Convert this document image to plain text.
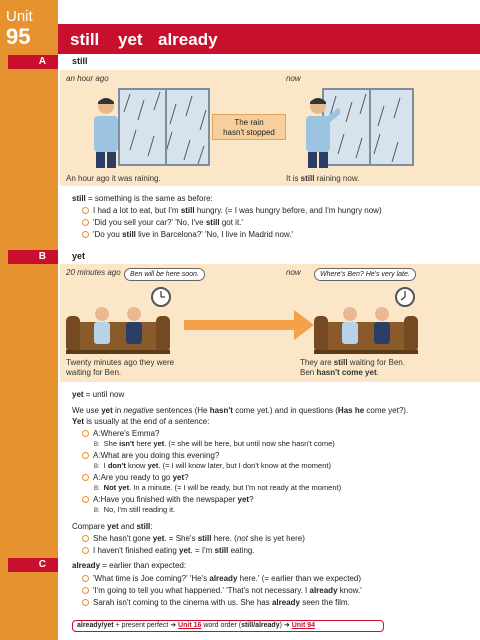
Unit
95 still yet already
A
B
C
still
an hour ago	now
The rain
hasn't stopped
An hour ago it was raining.	It is still raining now.
still = something is the same as before:
I had a lot to eat, but I'm still hungry. (= I was hungry before, and I'm hungry now)
'Did you sell your car?' 'No, I've still got it.'
'Do you still live in Barcelona?' 'No, I live in Madrid now.'
yet
20 minutes ago	now
Ben will be here soon.	Where's Ben? He's very late.
Twenty minutes ago they were
waiting for Ben.
They are still waiting for Ben.
Ben hasn't come yet.
yet = until now
We use yet in negative sentences (He hasn't come yet.) and in questions (Has he come yet?).
Yet is usually at the end of a sentence:
A:Where's Emma?
B: She isn't here yet. (= she will be here, but until now she hasn't come)
A:What are you doing this evening?
B: I don't know yet. (= I will know later, but I don't know at the moment)
A:Are you ready to go yet?
B: Not yet. In a minute. (= I will be ready, but I'm not ready at the moment)
A:Have you finished with the newspaper yet?
B: No, I'm still reading it.
Compare yet and still:
She hasn't gone yet. = She's still here. (not she is yet here)
I haven't finished eating yet. = I'm still eating.
already = earlier than expected:
'What time is Joe coming?' 'He's already here.' (= earlier than we expected)
'I'm going to tell you what happened.' 'That's not necessary. I already know.'
Sarah isn't coming to the cinema with us. She has already seen the film.
already/yet + present perfect ➜ Unit 16 word order (still/already) ➜ Unit 94
